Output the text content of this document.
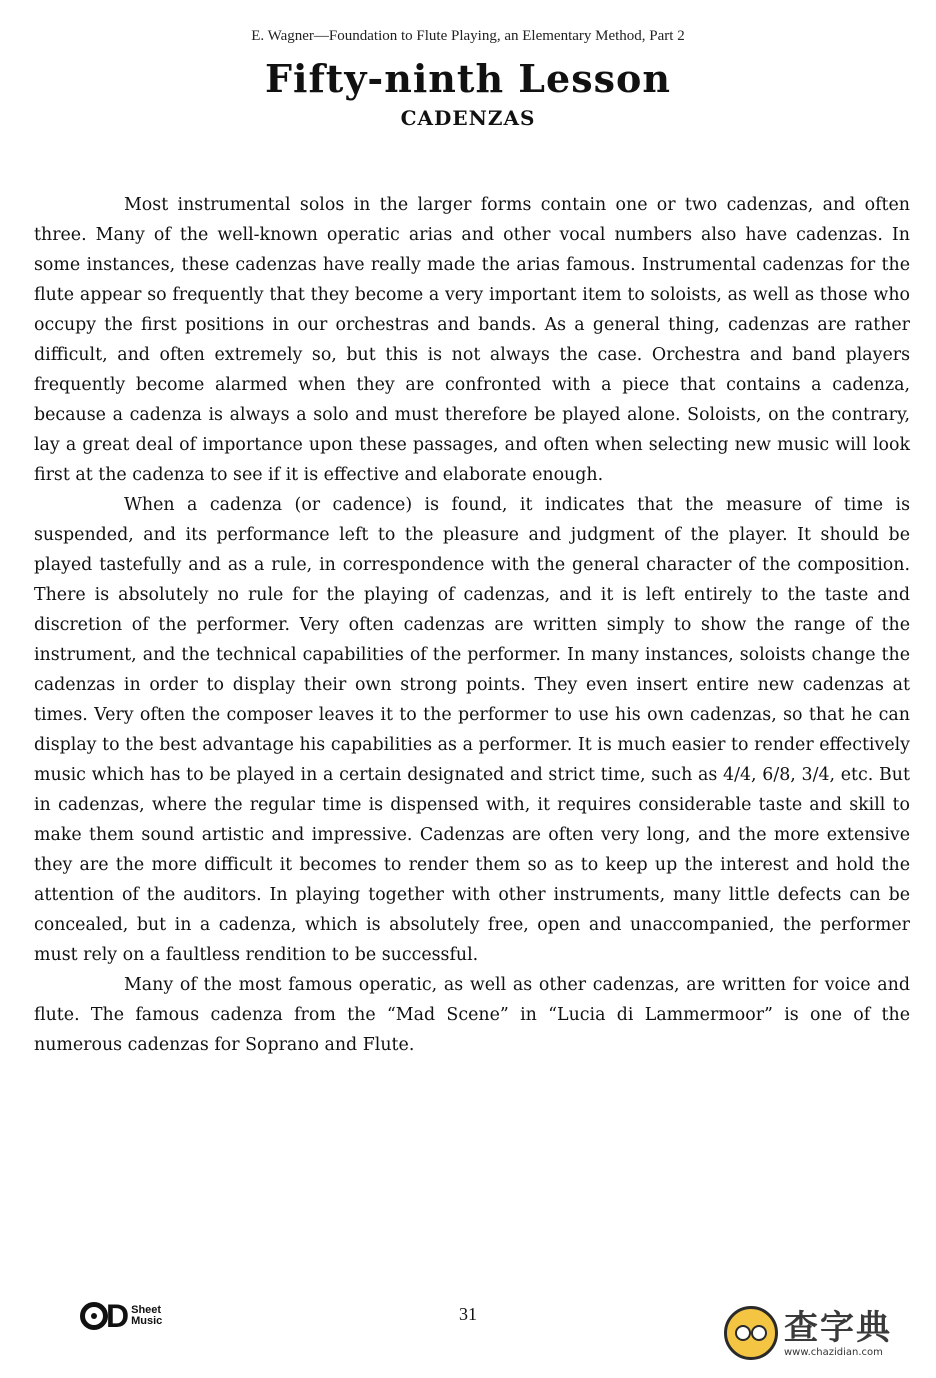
E. Wagner—Foundation to Flute Playing, an Elementary Method, Part 2
Fifty-ninth Lesson
CADENZAS

Most instrumental solos in the larger forms contain one or two cadenzas, and often three. Many of the well-known operatic arias and other vocal numbers also have cadenzas. In some instances, these cadenzas have really made the arias famous. Instrumental cadenzas for the flute appear so frequently that they become a very important item to soloists, as well as those who occupy the first positions in our orchestras and bands. As a general thing, cadenzas are rather difficult, and often extremely so, but this is not always the case. Orchestra and band players frequently become alarmed when they are confronted with a piece that contains a cadenza, because a cadenza is always a solo and must therefore be played alone. Soloists, on the contrary, lay a great deal of importance upon these passages, and often when selecting new music will look first at the cadenza to see if it is effective and elaborate enough.

When a cadenza (or cadence) is found, it indicates that the measure of time is suspended, and its performance left to the pleasure and judgment of the player. It should be played tastefully and as a rule, in correspondence with the general character of the composition. There is absolutely no rule for the playing of cadenzas, and it is left entirely to the taste and discretion of the performer. Very often cadenzas are written simply to show the range of the instrument, and the technical capabilities of the performer. In many instances, soloists change the cadenzas in order to display their own strong points. They even insert entire new cadenzas at times. Very often the composer leaves it to the performer to use his own cadenzas, so that he can display to the best advantage his capabilities as a performer. It is much easier to render effectively music which has to be played in a certain designated and strict time, such as 4/4, 6/8, 3/4, etc. But in cadenzas, where the regular time is dispensed with, it requires considerable taste and skill to make them sound artistic and impressive. Cadenzas are often very long, and the more extensive they are the more difficult it becomes to render them so as to keep up the interest and hold the attention of the auditors. In playing together with other instruments, many little defects can be concealed, but in a cadenza, which is absolutely free, open and unaccompanied, the performer must rely on a faultless rendition to be successful.

Many of the most famous operatic, as well as other cadenzas, are written for voice and flute. The famous cadenza from the “Mad Scene” in “Lucia di Lammermoor” is one of the numerous cadenzas for Soprano and Flute.

D Sheet
Music	31	查字典
www.chazidian.com
